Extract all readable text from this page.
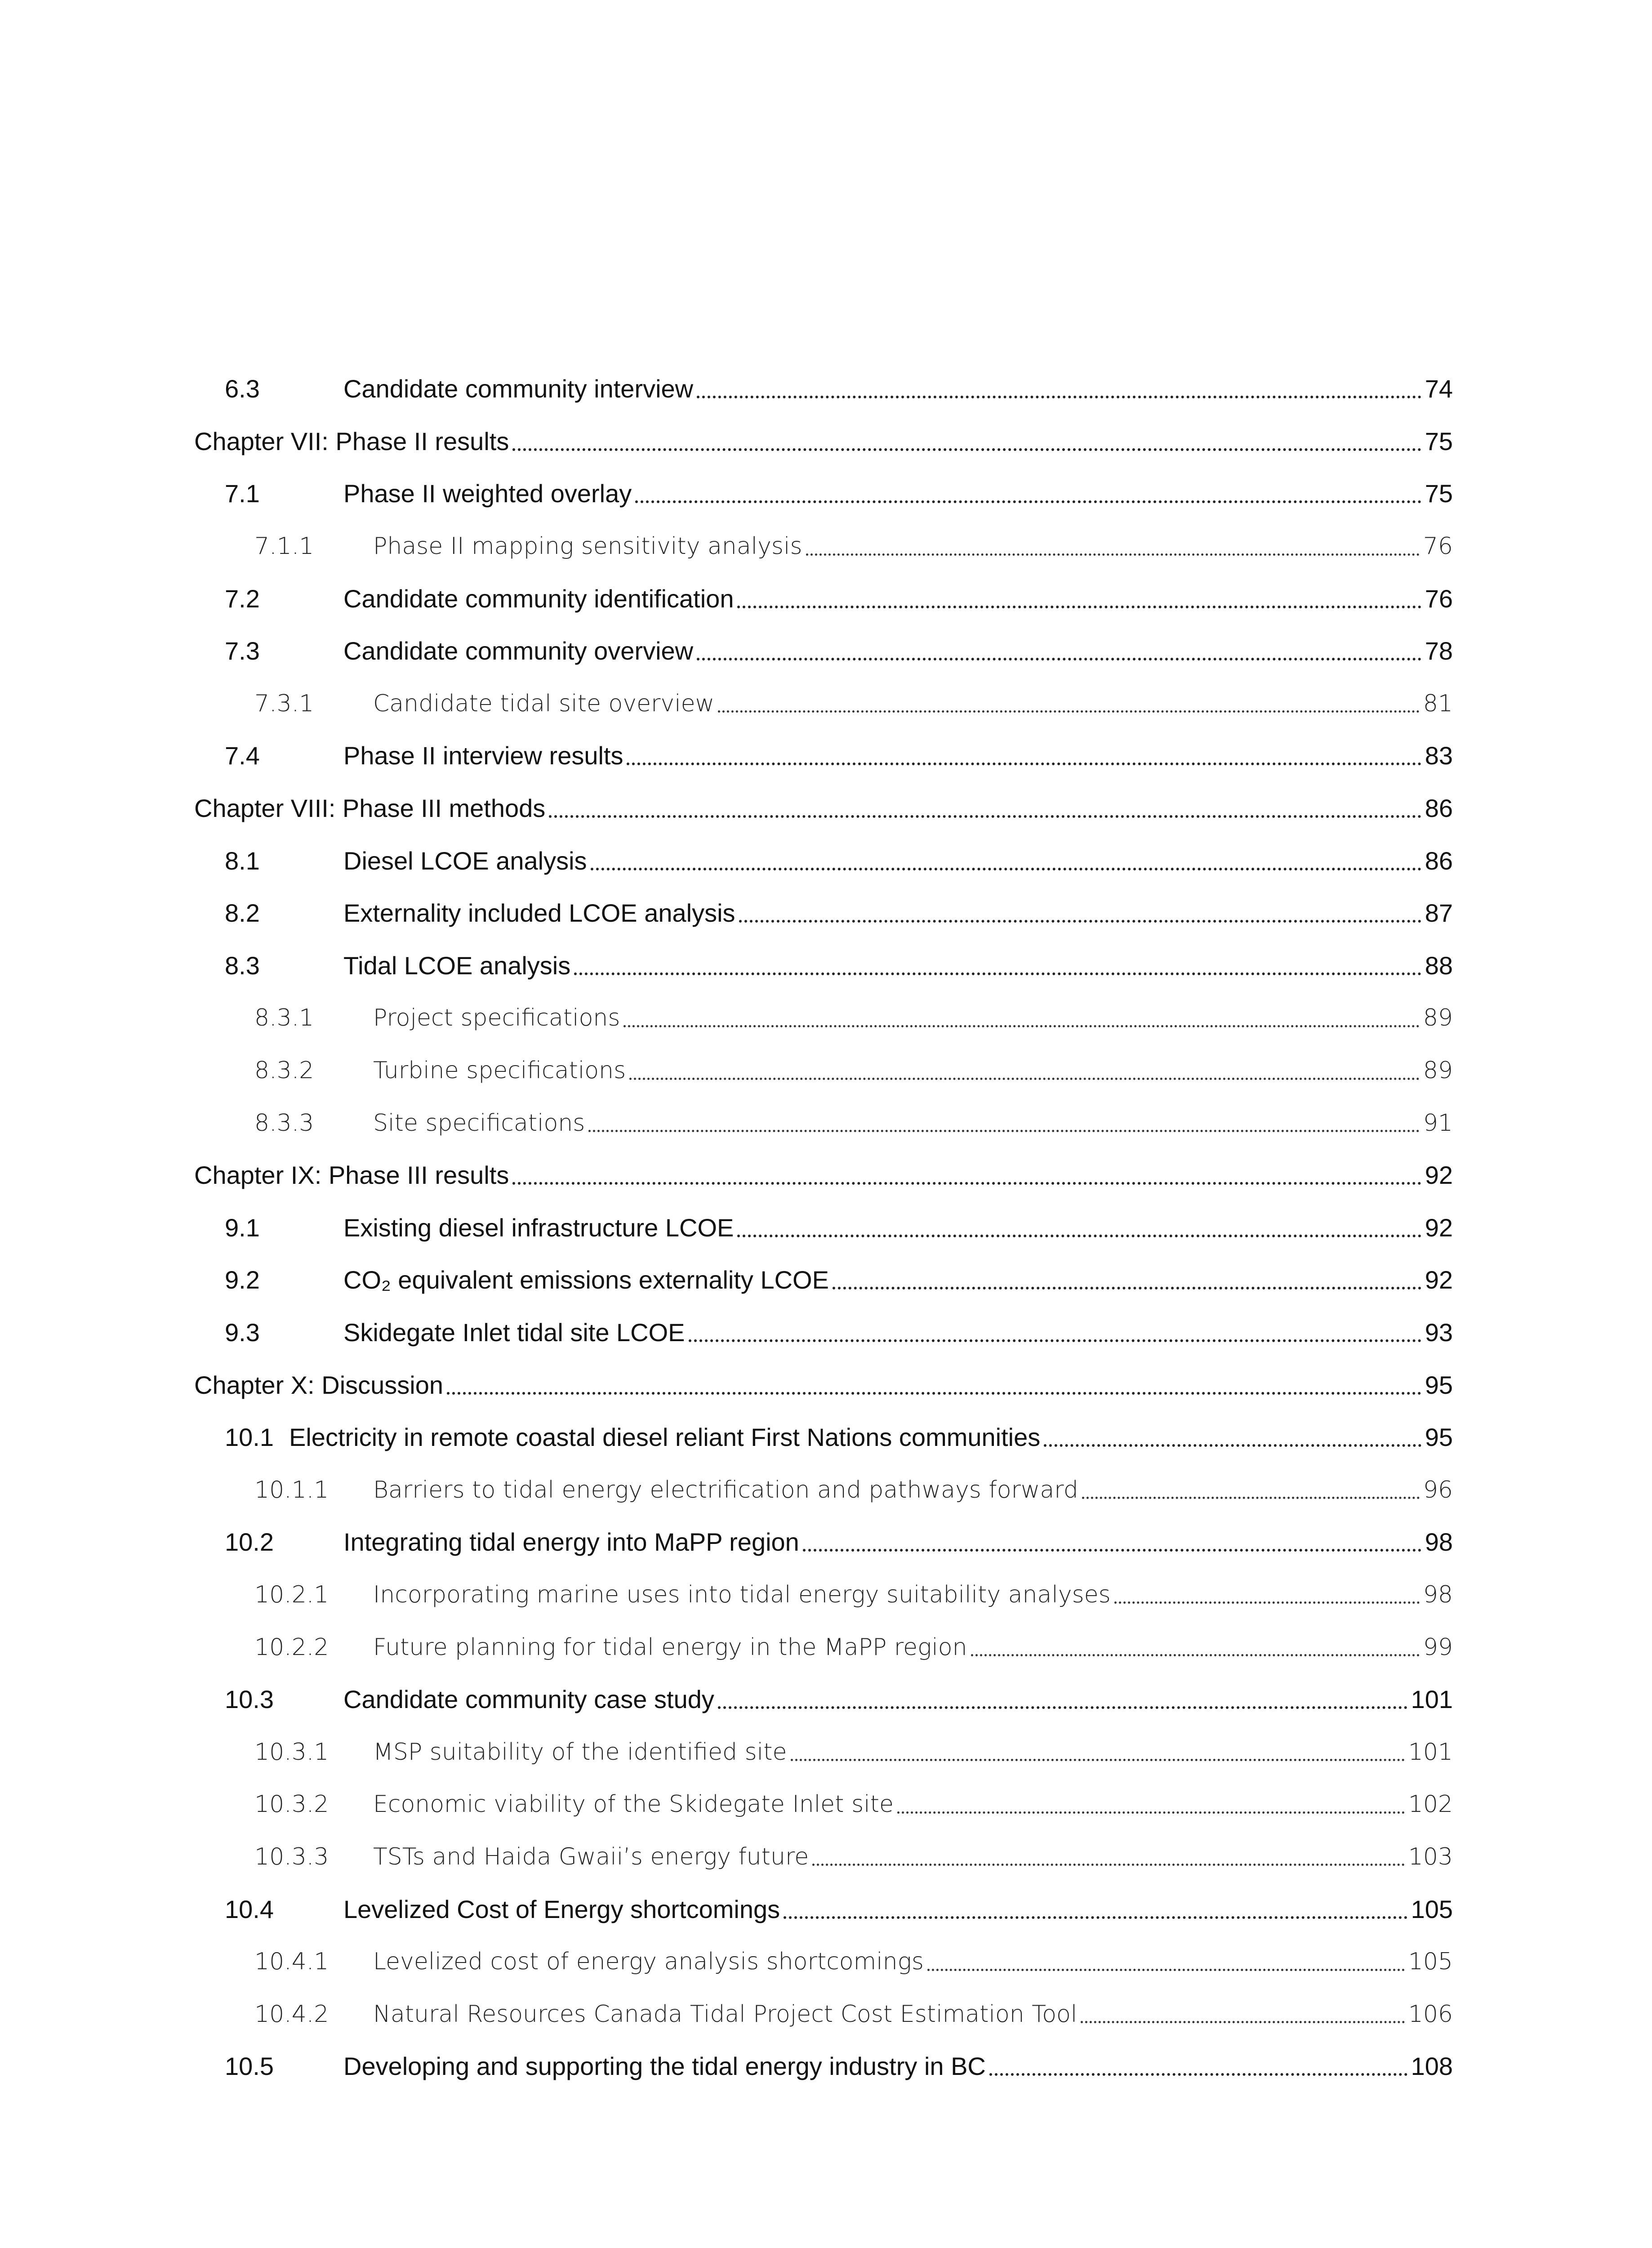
6.3	Candidate community interview	74
Chapter VII: Phase II results	75
7.1	Phase II weighted overlay	75
7.1.1	Phase II mapping sensitivity analysis	76
7.2	Candidate community identification	76
7.3	Candidate community overview	78
7.3.1	Candidate tidal site overview	81
7.4	Phase II interview results	83
Chapter VIII: Phase III methods	86
8.1	Diesel LCOE analysis	86
8.2	Externality included LCOE analysis	87
8.3	Tidal LCOE analysis	88
8.3.1	Project specifications	89
8.3.2	Turbine specifications	89
8.3.3	Site specifications	91
Chapter IX: Phase III results	92
9.1	Existing diesel infrastructure LCOE	92
9.2	CO₂ equivalent emissions externality LCOE	92
9.3	Skidegate Inlet tidal site LCOE	93
Chapter X: Discussion	95
10.1 Electricity in remote coastal diesel reliant First Nations communities	95
10.1.1	Barriers to tidal energy electrification and pathways forward	96
10.2	Integrating tidal energy into MaPP region	98
10.2.1	Incorporating marine uses into tidal energy suitability analyses	98
10.2.2	Future planning for tidal energy in the MaPP region	99
10.3	Candidate community case study	101
10.3.1	MSP suitability of the identified site	101
10.3.2	Economic viability of the Skidegate Inlet site	102
10.3.3	TSTs and Haida Gwaii’s energy future	103
10.4	Levelized Cost of Energy shortcomings	105
10.4.1	Levelized cost of energy analysis shortcomings	105
10.4.2	Natural Resources Canada Tidal Project Cost Estimation Tool	106
10.5	Developing and supporting the tidal energy industry in BC	108
